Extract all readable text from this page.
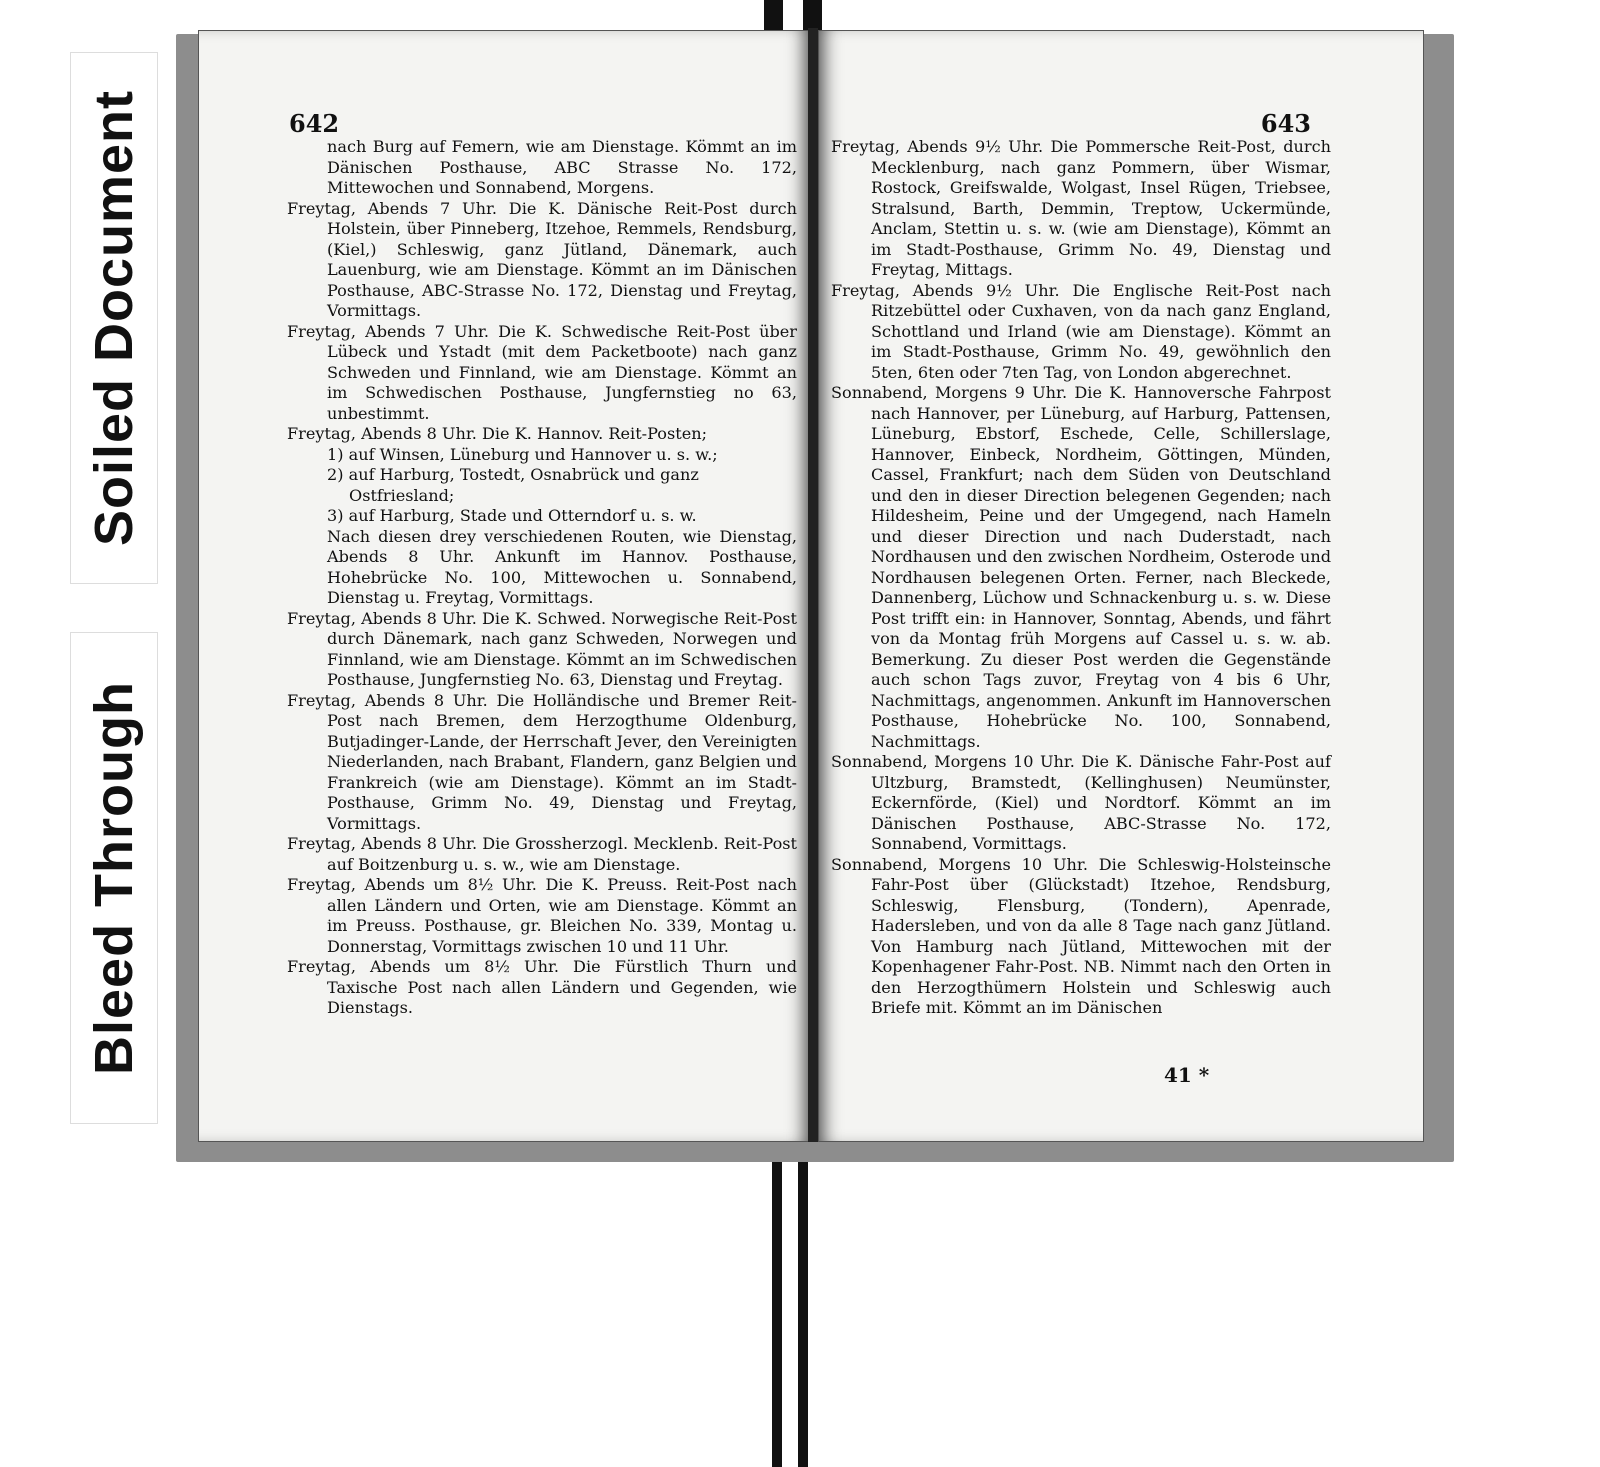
Soiled Document
Bleed Through
642

nach Burg auf Femern, wie am Dienstage. Kömmt an im Dänischen Posthause, ABC Strasse No. 172, Mittewochen und Sonnabend, Morgens.

Freytag, Abends 7 Uhr. Die K. Dänische Reit-Post durch Holstein, über Pinneberg, Itzehoe, Remmels, Rendsburg, (Kiel,) Schleswig, ganz Jütland, Dänemark, auch Lauenburg, wie am Dienstage. Kömmt an im Dänischen Posthause, ABC-Strasse No. 172, Dienstag und Freytag, Vormittags.

Freytag, Abends 7 Uhr. Die K. Schwedische Reit-Post über Lübeck und Ystadt (mit dem Packetboote) nach ganz Schweden und Finnland, wie am Dienstage. Kömmt an im Schwedischen Posthause, Jungfernstieg no 63, unbestimmt.

Freytag, Abends 8 Uhr. Die K. Hannov. Reit-Posten;

1) auf Winsen, Lüneburg und Hannover u. s. w.;

2) auf Harburg, Tostedt, Osnabrück und ganz Ostfriesland;

3) auf Harburg, Stade und Otterndorf u. s. w.

Nach diesen drey verschiedenen Routen, wie Dienstag, Abends 8 Uhr. Ankunft im Hannov. Posthause, Hohebrücke No. 100, Mittewochen u. Sonnabend, Dienstag u. Freytag, Vormittags.

Freytag, Abends 8 Uhr. Die K. Schwed. Norwegische Reit-Post durch Dänemark, nach ganz Schweden, Norwegen und Finnland, wie am Dienstage. Kömmt an im Schwedischen Posthause, Jungfernstieg No. 63, Dienstag und Freytag.

Freytag, Abends 8 Uhr. Die Holländische und Bremer Reit-Post nach Bremen, dem Herzogthume Oldenburg, Butjadinger-Lande, der Herrschaft Jever, den Vereinigten Niederlanden, nach Brabant, Flandern, ganz Belgien und Frankreich (wie am Dienstage). Kömmt an im Stadt-Posthause, Grimm No. 49, Dienstag und Freytag, Vormittags.

Freytag, Abends 8 Uhr. Die Grossherzogl. Mecklenb. Reit-Post auf Boitzenburg u. s. w., wie am Dienstage.

Freytag, Abends um 8½ Uhr. Die K. Preuss. Reit-Post nach allen Ländern und Orten, wie am Dienstage. Kömmt an im Preuss. Posthause, gr. Bleichen No. 339, Montag u. Donnerstag, Vormittags zwischen 10 und 11 Uhr.

Freytag, Abends um 8½ Uhr. Die Fürstlich Thurn und Taxische Post nach allen Ländern und Gegenden, wie Dienstags.

643

Freytag, Abends 9½ Uhr. Die Pommersche Reit-Post, durch Mecklenburg, nach ganz Pommern, über Wismar, Rostock, Greifswalde, Wolgast, Insel Rügen, Triebsee, Stralsund, Barth, Demmin, Treptow, Uckermünde, Anclam, Stettin u. s. w. (wie am Dienstage), Kömmt an im Stadt-Posthause, Grimm No. 49, Dienstag und Freytag, Mittags.

Freytag, Abends 9½ Uhr. Die Englische Reit-Post nach Ritzebüttel oder Cuxhaven, von da nach ganz England, Schottland und Irland (wie am Dienstage). Kömmt an im Stadt-Posthause, Grimm No. 49, gewöhnlich den 5ten, 6ten oder 7ten Tag, von London abgerechnet.

Sonnabend, Morgens 9 Uhr. Die K. Hannoversche Fahrpost nach Hannover, per Lüneburg, auf Harburg, Pattensen, Lüneburg, Ebstorf, Eschede, Celle, Schillerslage, Hannover, Einbeck, Nordheim, Göttingen, Münden, Cassel, Frankfurt; nach dem Süden von Deutschland und den in dieser Direction belegenen Gegenden; nach Hildesheim, Peine und der Umgegend, nach Hameln und dieser Direction und nach Duderstadt, nach Nordhausen und den zwischen Nordheim, Osterode und Nordhausen belegenen Orten. Ferner, nach Bleckede, Dannenberg, Lüchow und Schnackenburg u. s. w. Diese Post trifft ein: in Hannover, Sonntag, Abends, und fährt von da Montag früh Morgens auf Cassel u. s. w. ab. Bemerkung. Zu dieser Post werden die Gegenstände auch schon Tags zuvor, Freytag von 4 bis 6 Uhr, Nachmittags, angenommen. Ankunft im Hannoverschen Posthause, Hohebrücke No. 100, Sonnabend, Nachmittags.

Sonnabend, Morgens 10 Uhr. Die K. Dänische Fahr-Post auf Ultzburg, Bramstedt, (Kellinghusen) Neumünster, Eckernförde, (Kiel) und Nordtorf. Kömmt an im Dänischen Posthause, ABC-Strasse No. 172, Sonnabend, Vormittags.

Sonnabend, Morgens 10 Uhr. Die Schleswig-Holsteinsche Fahr-Post über (Glückstadt) Itzehoe, Rendsburg, Schleswig, Flensburg, (Tondern), Apenrade, Hadersleben, und von da alle 8 Tage nach ganz Jütland. Von Hamburg nach Jütland, Mittewochen mit der Kopenhagener Fahr-Post. NB. Nimmt nach den Orten in den Herzogthümern Holstein und Schleswig auch Briefe mit. Kömmt an im Dänischen

41 *
